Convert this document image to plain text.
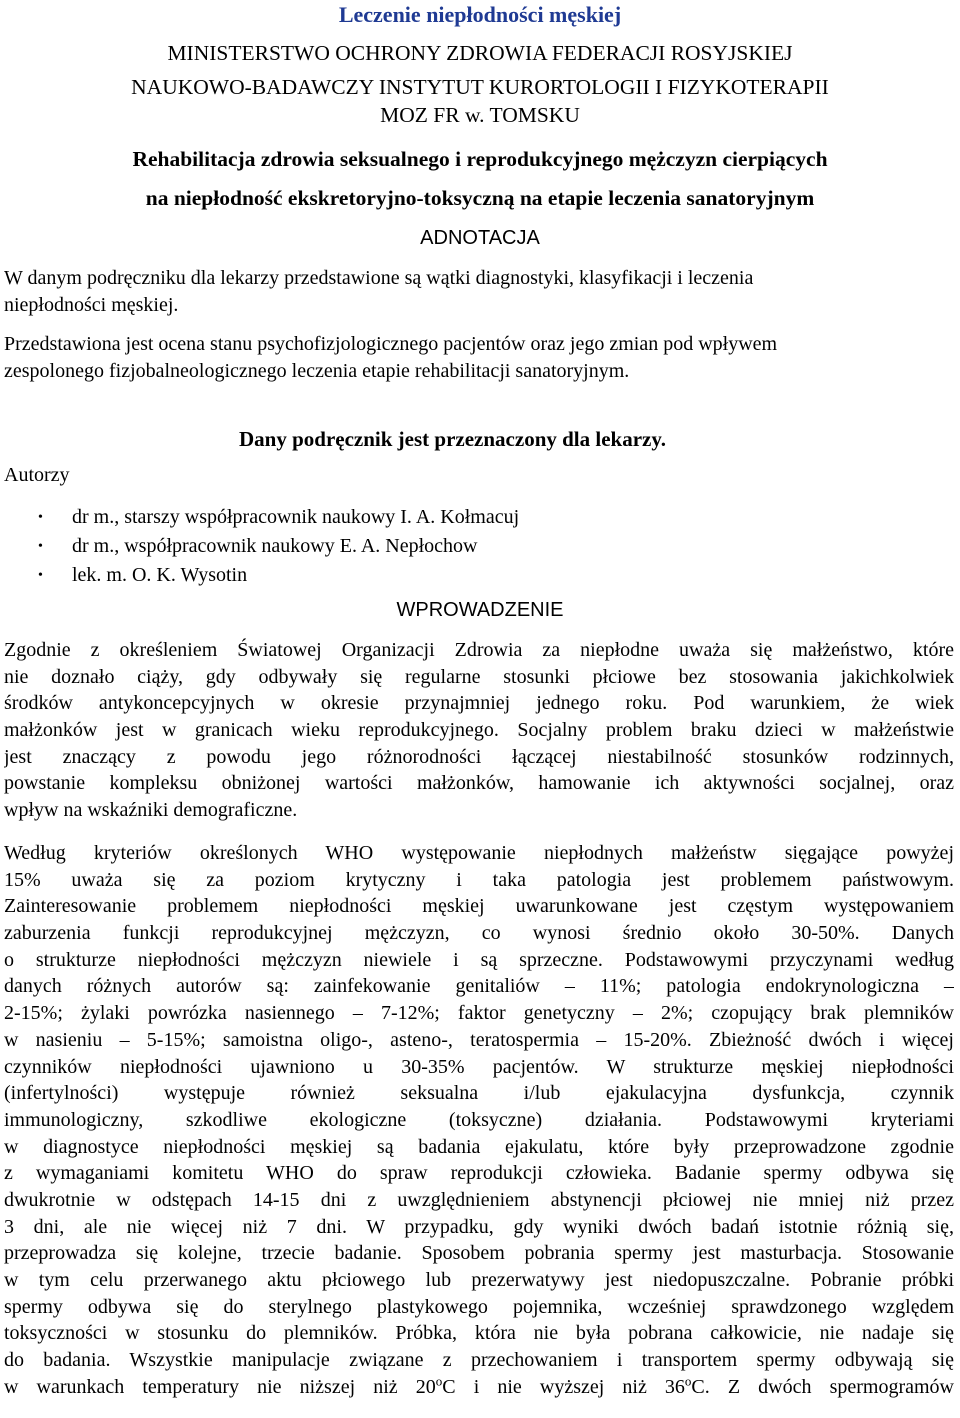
Leczenie niepłodności męskiej
MINISTERSTWO OCHRONY ZDROWIA FEDERACJI ROSYJSKIEJ
NAUKOWO-BADAWCZY INSTYTUT KURORTOLOGII I FIZYKOTERAPII
MOZ FR w. TOMSKU
Rehabilitacja zdrowia seksualnego i reprodukcyjnego mężczyzn cierpiących
na niepłodność ekskretoryjno-toksyczną na etapie leczenia sanatoryjnym
ADNOTACJA
W danym podręczniku dla lekarzy przedstawione są wątki diagnostyki, klasyfikacji i leczenia
niepłodności męskiej.
Przedstawiona jest ocena stanu psychofizjologicznego pacjentów oraz jego zmian pod wpływem
zespolonego fizjobalneologicznego leczenia etapie rehabilitacji sanatoryjnym.
Dany podręcznik jest przeznaczony dla lekarzy.
Autorzy
• dr m., starszy współpracownik naukowy I. A. Kołmacuj
• dr m., współpracownik naukowy E. A. Nepłochow
• lek. m. O. K. Wysotin
WPROWADZENIE
Zgodnie z określeniem Światowej Organizacji Zdrowia za niepłodne uważa się małżeństwo, które
nie doznało ciąży, gdy odbywały się regularne stosunki płciowe bez stosowania jakichkolwiek
środków antykoncepcyjnych w okresie przynajmniej jednego roku. Pod warunkiem, że wiek
małżonków jest w granicach wieku reprodukcyjnego. Socjalny problem braku dzieci w małżeństwie
jest znaczący z powodu jego różnorodności łączącej niestabilność stosunków rodzinnych,
powstanie kompleksu obniżonej wartości małżonków, hamowanie ich aktywności socjalnej, oraz
wpływ na wskaźniki demograficzne.
Według kryteriów określonych WHO występowanie niepłodnych małżeństw sięgające powyżej
15% uważa się za poziom krytyczny i taka patologia jest problemem państwowym.
Zainteresowanie problemem niepłodności męskiej uwarunkowane jest częstym występowaniem
zaburzenia funkcji reprodukcyjnej mężczyzn, co wynosi średnio około 30-50%. Danych
o strukturze niepłodności mężczyzn niewiele i są sprzeczne. Podstawowymi przyczynami według
danych różnych autorów są: zainfekowanie genitaliów – 11%; patologia endokrynologiczna –
2-15%; żylaki powrózka nasiennego – 7-12%; faktor genetyczny – 2%; czopujący brak plemników
w nasieniu – 5-15%; samoistna oligo-, asteno-, teratospermia – 15-20%. Zbieżność dwóch i więcej
czynników niepłodności ujawniono u 30-35% pacjentów. W strukturze męskiej niepłodności
(infertylności) występuje również seksualna i/lub ejakulacyjna dysfunkcja, czynnik
immunologiczny, szkodliwe ekologiczne (toksyczne) działania. Podstawowymi kryteriami
w diagnostyce niepłodności męskiej są badania ejakulatu, które były przeprowadzone zgodnie
z wymaganiami komitetu WHO do spraw reprodukcji człowieka. Badanie spermy odbywa się
dwukrotnie w odstępach 14-15 dni z uwzględnieniem abstynencji płciowej nie mniej niż przez
3 dni, ale nie więcej niż 7 dni. W przypadku, gdy wyniki dwóch badań istotnie różnią się,
przeprowadza się kolejne, trzecie badanie. Sposobem pobrania spermy jest masturbacja. Stosowanie
w tym celu przerwanego aktu płciowego lub prezerwatywy jest niedopuszczalne. Pobranie próbki
spermy odbywa się do sterylnego plastykowego pojemnika, wcześniej sprawdzonego względem
toksyczności w stosunku do plemników. Próbka, która nie była pobrana całkowicie, nie nadaje się
do badania. Wszystkie manipulacje związane z przechowaniem i transportem spermy odbywają się
w warunkach temperatury nie niższej niż 20$^o$C i nie wyższej niż 36$^o$C. Z dwóch spermogramów
